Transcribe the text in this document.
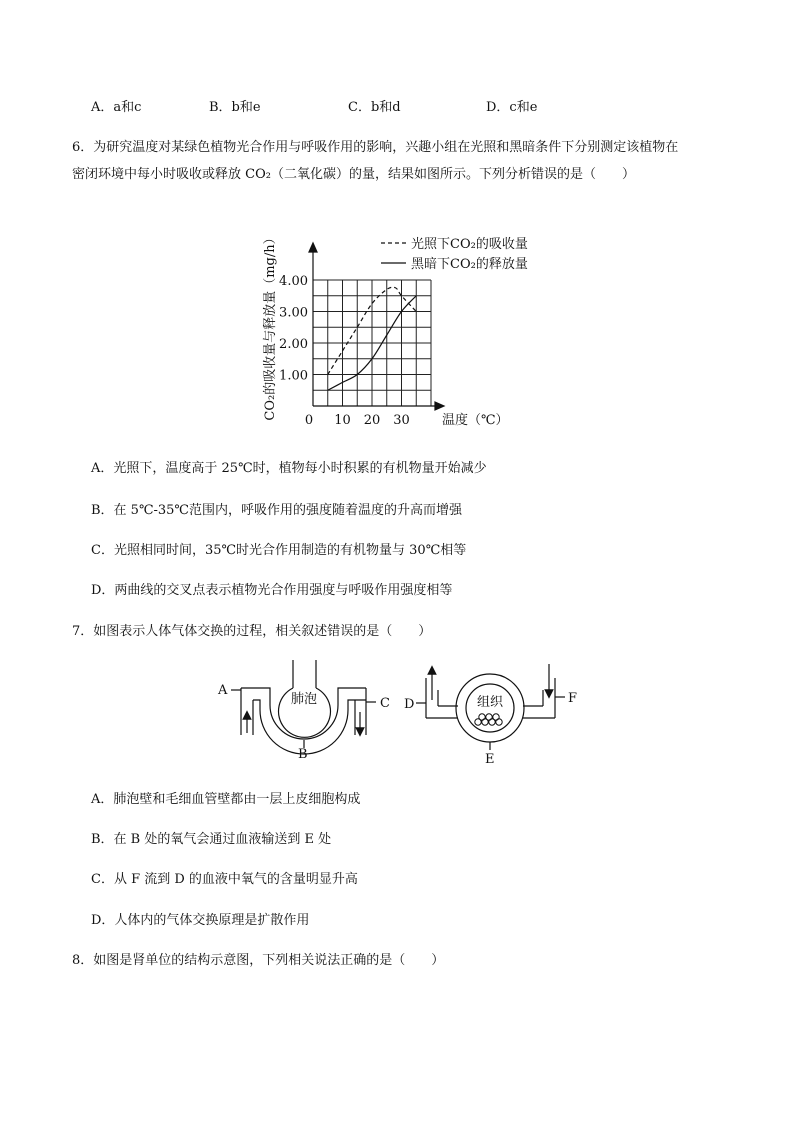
A．a和c	B．b和e	C．b和d	D．c和e
6．为研究温度对某绿色植物光合作用与呼吸作用的影响，兴趣小组在光照和黑暗条件下分别测定该植物在
密闭环境中每小时吸收或释放 CO₂（二氧化碳）的量，结果如图所示。下列分析错误的是（　　）
CO₂的吸收量与释放量（mg/h） 1.00
2.00
3.00
4.00
0 10 20 30 温度（℃）
光照下CO₂的吸收量
黑暗下CO₂的释放量
A．光照下，温度高于 25℃时，植物每小时积累的有机物量开始减少
B．在 5℃-35℃范围内，呼吸作用的强度随着温度的升高而增强
C．光照相同时间，35℃时光合作用制造的有机物量与 30℃相等
D．两曲线的交叉点表示植物光合作用强度与呼吸作用强度相等
7．如图表示人体气体交换的过程，相关叙述错误的是（　　）
A
C
B
肺泡	D	F
E
组织
A．肺泡壁和毛细血管壁都由一层上皮细胞构成
B．在 B 处的氧气会通过血液输送到 E 处
C．从 F 流到 D 的血液中氧气的含量明显升高
D．人体内的气体交换原理是扩散作用
8．如图是肾单位的结构示意图，下列相关说法正确的是（　　）
